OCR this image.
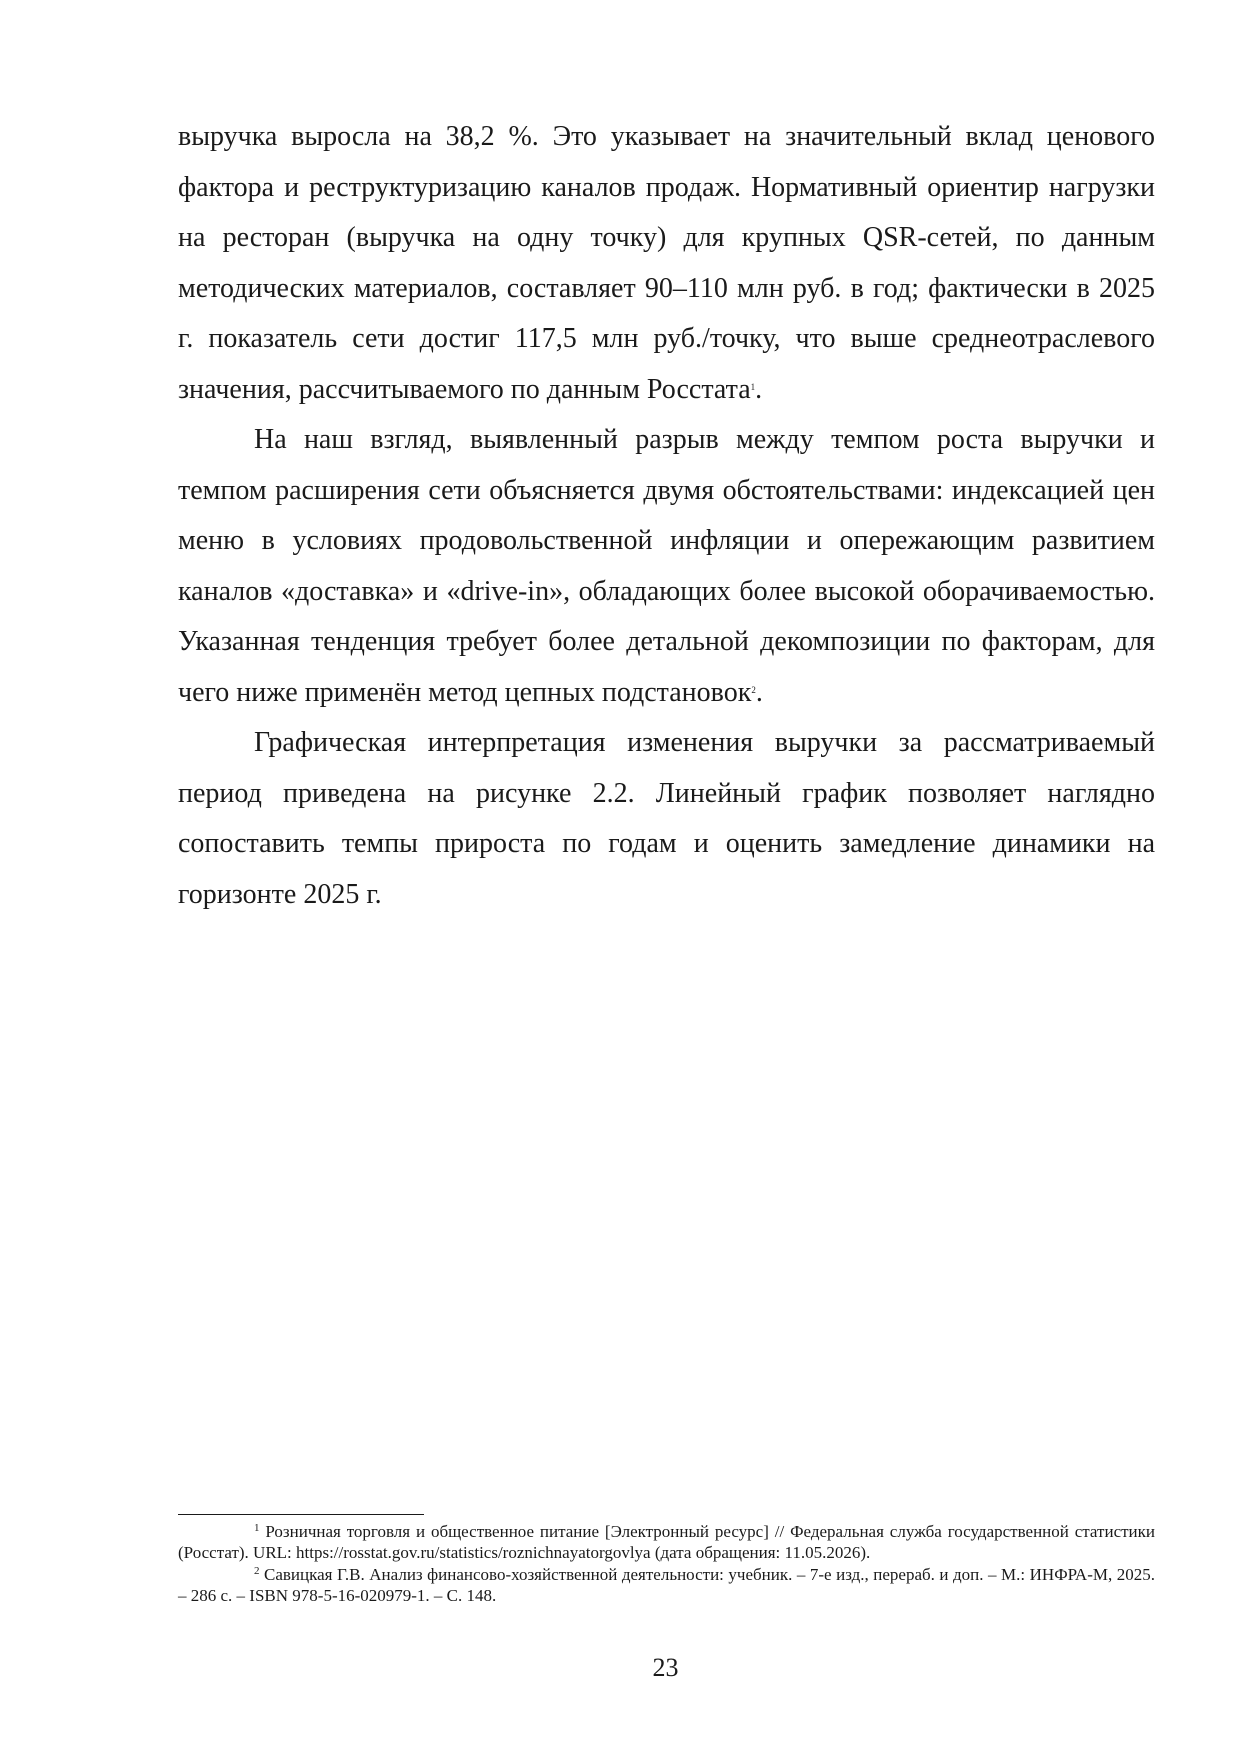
выручка выросла на 38,2 %. Это указывает на значительный вклад ценового фактора и реструктуризацию каналов продаж. Нормативный ориентир нагрузки на ресторан (выручка на одну точку) для крупных QSR-сетей, по данным методических материалов, составляет 90–110 млн руб. в год; фактически в 2025 г. показатель сети достиг 117,5 млн руб./точку, что выше среднеотраслевого значения, рассчитываемого по данным Росстата$^1$.

На наш взгляд, выявленный разрыв между темпом роста выручки и темпом расширения сети объясняется двумя обстоятельствами: индексацией цен меню в условиях продовольственной инфляции и опережающим развитием каналов «доставка» и «drive-in», обладающих более высокой оборачиваемостью. Указанная тенденция требует более детальной декомпозиции по факторам, для чего ниже применён метод цепных подстановок$^2$.

Графическая интерпретация изменения выручки за рассматриваемый период приведена на рисунке 2.2. Линейный график позволяет наглядно сопоставить темпы прироста по годам и оценить замедление динамики на горизонте 2025 г.

$^1$ Розничная торговля и общественное питание [Электронный ресурс] // Федеральная служба государственной статистики (Росстат). URL: https://rosstat.gov.ru/statistics/roznichnayatorgovlya (дата обращения: 11.05.2026).

$^2$ Савицкая Г.В. Анализ финансово-хозяйственной деятельности: учебник. – 7-е изд., перераб. и доп. – М.: ИНФРА-М, 2025. – 286 с. – ISBN 978-5-16-020979-1. – С. 148.

23
